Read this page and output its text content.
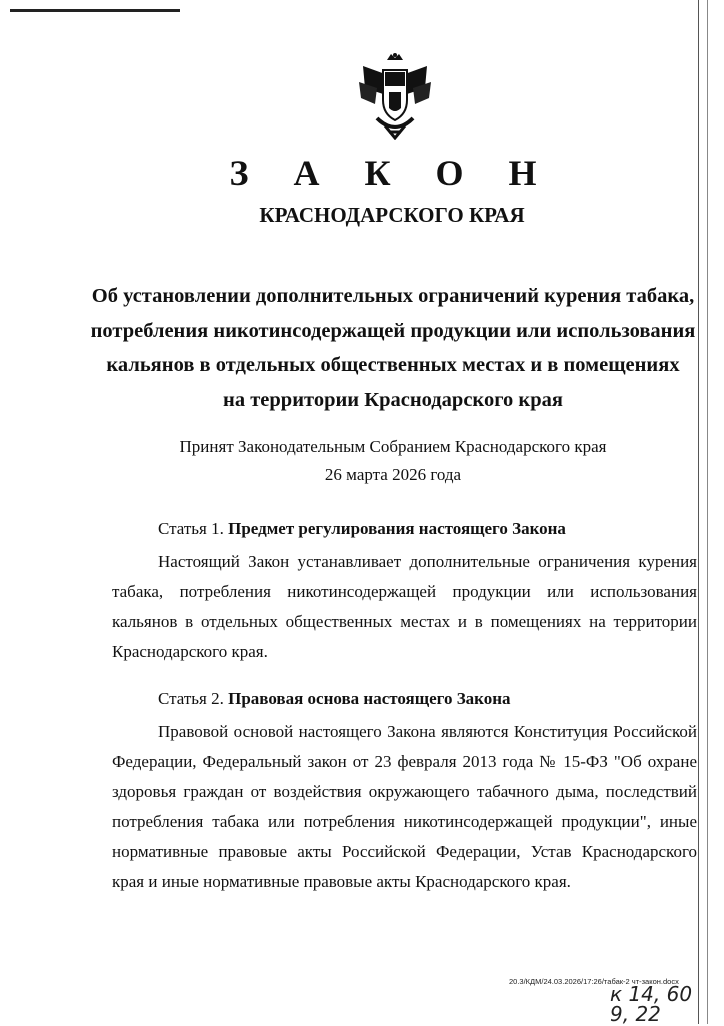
З А К О Н
КРАСНОДАРСКОГО КРАЯ
Об установлении дополнительных ограничений курения табака,
потребления никотинсодержащей продукции или использования
кальянов в отдельных общественных местах и в помещениях
на территории Краснодарского края
Принят Законодательным Собранием Краснодарского края
26 марта 2026 года
Статья 1. Предмет регулирования настоящего Закона
Настоящий Закон устанавливает дополнительные ограничения курения табака, потребления никотинсодержащей продукции или использования кальянов в отдельных общественных местах и в помещениях на территории Краснодарского края.
Статья 2. Правовая основа настоящего Закона
Правовой основой настоящего Закона являются Конституция Российской Федерации, Федеральный закон от 23 февраля 2013 года № 15-ФЗ "Об охране здоровья граждан от воздействия окружающего табачного дыма, последствий потребления табака или потребления никотинсодержащей продукции", иные нормативные правовые акты Российской Федерации, Устав Краснодарского края и иные нормативные правовые акты Краснодарского края.
20.3/КДМ/24.03.2026/17:26/табак-2 чт-закон.docx
к 14, 60
9, 22
